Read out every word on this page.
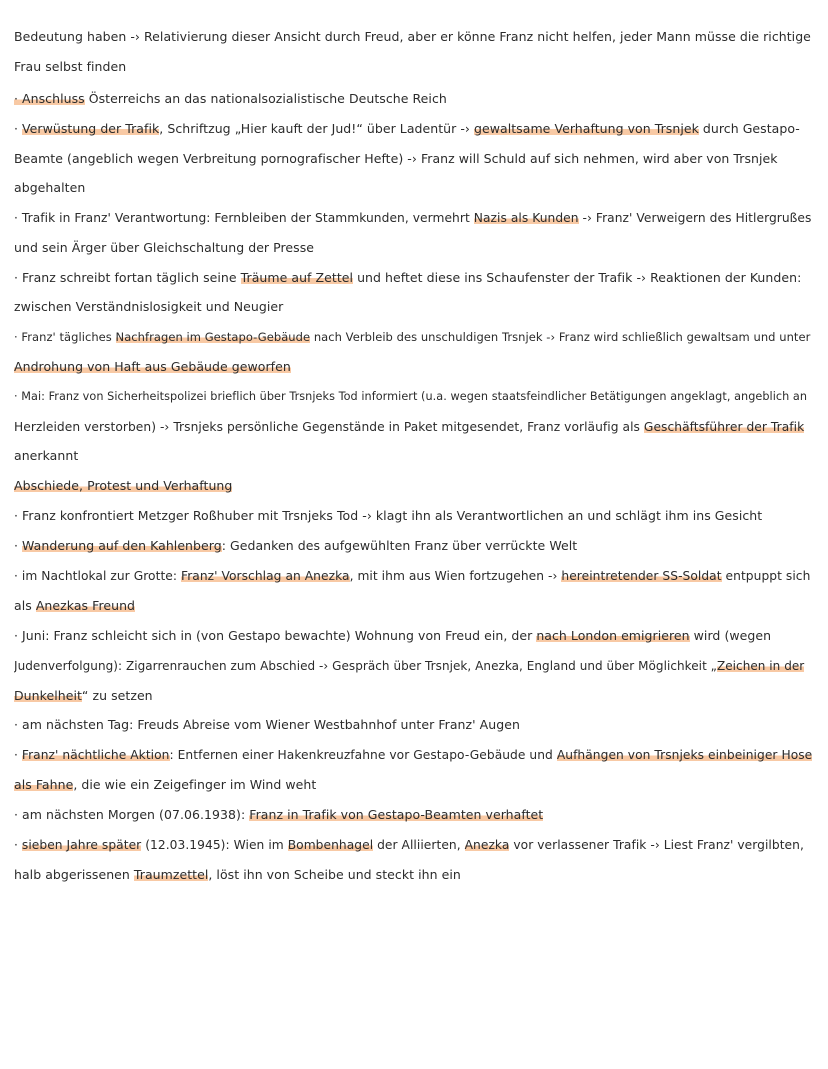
Bedeutung haben -› Relativierung dieser Ansicht durch Freud, aber er könne Franz nicht helfen, jeder Mann müsse die richtige
Frau selbst finden
· Anschluss Österreichs an das nationalsozialistische Deutsche Reich
· Verwüstung der Trafik, Schriftzug „Hier kauft der Jud!“ über Ladentür -› gewaltsame Verhaftung von Trsnjek durch Gestapo-
Beamte (angeblich wegen Verbreitung pornografischer Hefte) -› Franz will Schuld auf sich nehmen, wird aber von Trsnjek
abgehalten
· Trafik in Franz' Verantwortung: Fernbleiben der Stammkunden, vermehrt Nazis als Kunden -› Franz' Verweigern des Hitlergrußes
und sein Ärger über Gleichschaltung der Presse
· Franz schreibt fortan täglich seine Träume auf Zettel und heftet diese ins Schaufenster der Trafik -› Reaktionen der Kunden:
zwischen Verständnislosigkeit und Neugier
· Franz' tägliches Nachfragen im Gestapo-Gebäude nach Verbleib des unschuldigen Trsnjek -› Franz wird schließlich gewaltsam und unter
Androhung von Haft aus Gebäude geworfen
· Mai: Franz von Sicherheitspolizei brieflich über Trsnjeks Tod informiert (u.a. wegen staatsfeindlicher Betätigungen angeklagt, angeblich an
Herzleiden verstorben) -› Trsnjeks persönliche Gegenstände in Paket mitgesendet, Franz vorläufig als Geschäftsführer der Trafik
anerkannt
Abschiede, Protest und Verhaftung
· Franz konfrontiert Metzger Roßhuber mit Trsnjeks Tod -› klagt ihn als Verantwortlichen an und schlägt ihm ins Gesicht
· Wanderung auf den Kahlenberg: Gedanken des aufgewühlten Franz über verrückte Welt
· im Nachtlokal zur Grotte: Franz' Vorschlag an Anezka, mit ihm aus Wien fortzugehen -› hereintretender SS-Soldat entpuppt sich
als Anezkas Freund
· Juni: Franz schleicht sich in (von Gestapo bewachte) Wohnung von Freud ein, der nach London emigrieren wird (wegen
Judenverfolgung): Zigarrenrauchen zum Abschied -› Gespräch über Trsnjek, Anezka, England und über Möglichkeit „Zeichen in der
Dunkelheit“ zu setzen
· am nächsten Tag: Freuds Abreise vom Wiener Westbahnhof unter Franz' Augen
· Franz' nächtliche Aktion: Entfernen einer Hakenkreuzfahne vor Gestapo-Gebäude und Aufhängen von Trsnjeks einbeiniger Hose
als Fahne, die wie ein Zeigefinger im Wind weht
· am nächsten Morgen (07.06.1938): Franz in Trafik von Gestapo-Beamten verhaftet
· sieben Jahre später (12.03.1945): Wien im Bombenhagel der Alliierten, Anezka vor verlassener Trafik -› Liest Franz' vergilbten,
halb abgerissenen Traumzettel, löst ihn von Scheibe und steckt ihn ein
